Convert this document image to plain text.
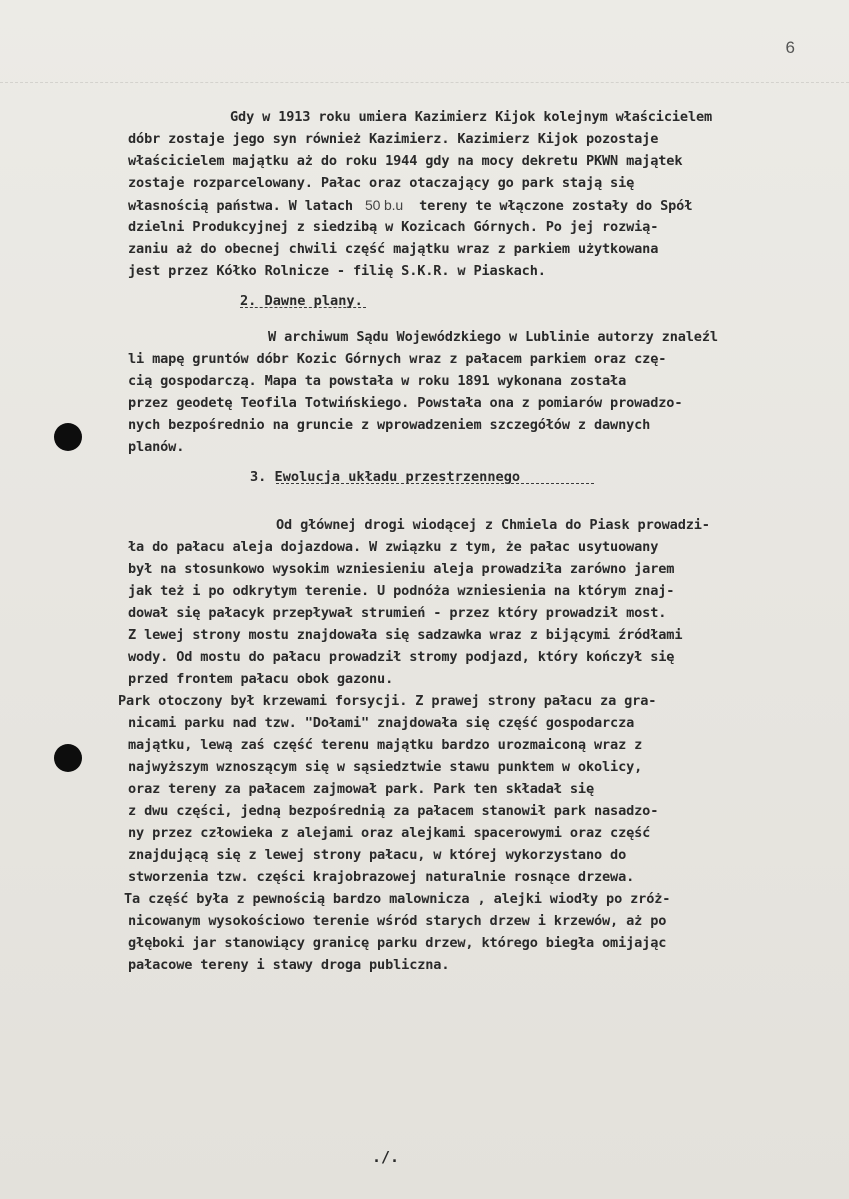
6
Gdy w 1913 roku umiera Kazimierz Kijok kolejnym właścicielem
dóbr zostaje jego syn również Kazimierz. Kazimierz Kijok pozostaje
właścicielem majątku aż do roku 1944 gdy na mocy dekretu PKWN majątek
zostaje rozparcelowany. Pałac oraz otaczający go park stają się
własnością państwa. W latach 50 b.u tereny te włączone zostały do Spół
dzielni Produkcyjnej z siedzibą w Kozicach Górnych. Po jej rozwią-
zaniu aż do obecnej chwili część majątku wraz z parkiem użytkowana
jest przez Kółko Rolnicze - filię S.K.R. w Piaskach.
2. Dawne plany.
W archiwum Sądu Wojewódzkiego w Lublinie autorzy znaleźl
li mapę gruntów dóbr Kozic Górnych wraz z pałacem parkiem oraz czę-
cią gospodarczą. Mapa ta powstała w roku 1891 wykonana została
przez geodetę Teofila Totwińskiego. Powstała ona z pomiarów prowadzo-
nych bezpośrednio na gruncie z wprowadzeniem szczegółów z dawnych
planów.
3. Ewolucja układu przestrzennego
Od głównej drogi wiodącej z Chmiela do Piask prowadzi-
ła do pałacu aleja dojazdowa. W związku z tym, że pałac usytuowany
był na stosunkowo wysokim wzniesieniu aleja prowadziła zarówno jarem
jak też i po odkrytym terenie. U podnóża wzniesienia na którym znaj-
dował się pałacyk przepływał strumień - przez który prowadził most.
Z lewej strony mostu znajdowała się sadzawka wraz z bijącymi źródłami
wody. Od mostu do pałacu prowadził stromy podjazd, który kończył się
przed frontem pałacu obok gazonu.
Park otoczony był krzewami forsycji. Z prawej strony pałacu za gra-
nicami parku nad tzw. "Dołami" znajdowała się część gospodarcza
majątku, lewą zaś część terenu majątku bardzo urozmaiconą wraz z
najwyższym wznoszącym się w sąsiedztwie stawu punktem w okolicy,
oraz tereny za pałacem zajmował park. Park ten składał się
z dwu części, jedną bezpośrednią za pałacem stanowił park nasadzo-
ny przez człowieka z alejami oraz alejkami spacerowymi oraz część
znajdującą się z lewej strony pałacu, w której wykorzystano do
stworzenia tzw. części krajobrazowej naturalnie rosnące drzewa.
Ta część była z pewnością bardzo malownicza , alejki wiodły po zróż-
nicowanym wysokościowo terenie wśród starych drzew i krzewów, aż po
głęboki jar stanowiący granicę parku drzew, którego biegła omijając
pałacowe tereny i stawy droga publiczna.
./.
